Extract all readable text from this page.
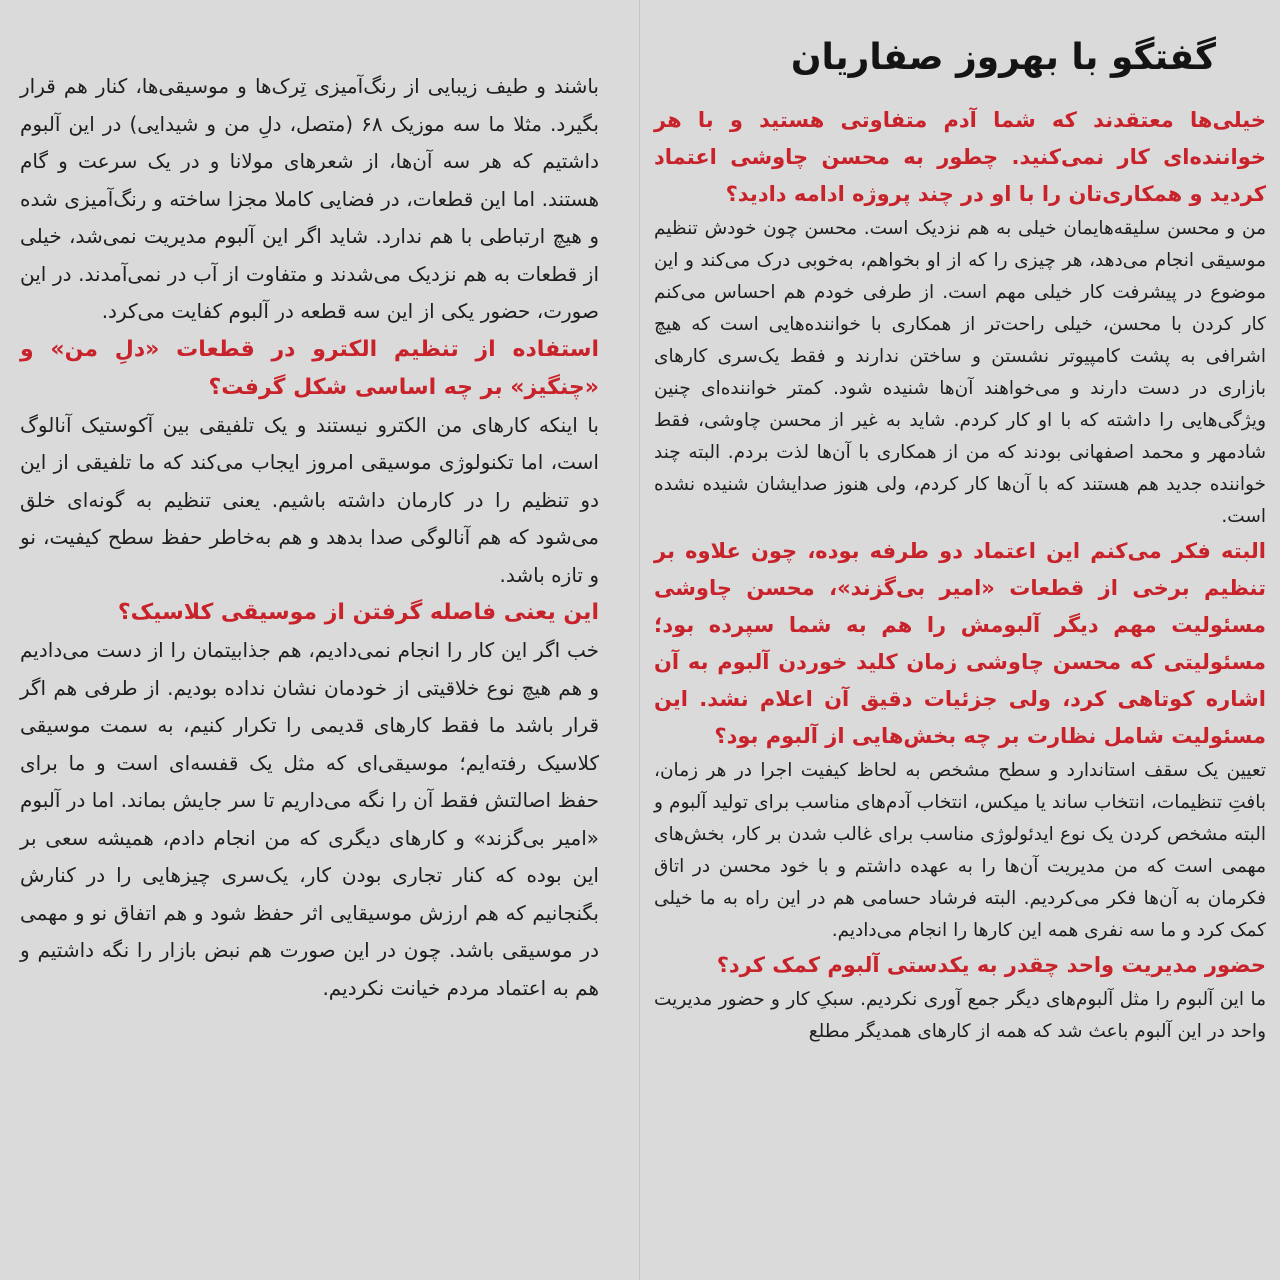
گفتگو با بهروز صفاریان

خیلی‌ها معتقدند که شما آدم متفاوتی هستید و با هر خواننده‌ای کار نمی‌کنید. چطور به محسن چاوشی اعتماد کردید و همکاری‌تان را با او در چند پروژه ادامه دادید؟

من و محسن سلیقه‌هایمان خیلی به هم نزدیک است. محسن چون خودش تنظیم موسیقی انجام می‌دهد، هر چیزی را که از او بخواهم، به‌خوبی درک می‌کند و این موضوع در پیشرفت کار خیلی مهم است. از طرفی خودم هم احساس می‌کنم کار کردن با محسن، خیلی راحت‌تر از همکاری با خواننده‌هایی است که هیچ اشرافی به پشت کامپیوتر نشستن و ساختن ندارند و فقط یک‌سری کارهای بازاری در دست دارند و می‌خواهند آن‌ها شنیده شود. کمتر خواننده‌ای چنین ویژگی‌هایی را داشته که با او کار کردم. شاید به غیر از محسن چاوشی، فقط شادمهر و محمد اصفهانی بودند که من از همکاری با آن‌ها لذت بردم. البته چند خواننده جدید هم هستند که با آن‌ها کار کردم، ولی هنوز صدایشان شنیده نشده است.

البته فکر می‌کنم این اعتماد دو طرفه بوده، چون علاوه بر تنظیم برخی از قطعات «امیر بی‌گزند»، محسن چاوشی مسئولیت مهم دیگر آلبومش را هم به شما سپرده بود؛ مسئولیتی که محسن چاوشی زمان کلید خوردن آلبوم به آن اشاره کوتاهی کرد، ولی جزئیات دقیق آن اعلام نشد. این مسئولیت شامل نظارت بر چه بخش‌هایی از آلبوم بود؟

تعیین یک سقف استاندارد و سطح مشخص به لحاظ کیفیت اجرا در هر زمان، بافتِ تنظیمات، انتخاب ساند یا میکس، انتخاب آدم‌های مناسب برای تولید آلبوم و البته مشخص کردن یک نوع ایدئولوژی مناسب برای غالب شدن بر کار، بخش‌های مهمی است که من مدیریت آن‌ها را به عهده داشتم و با خود محسن در اتاق فکرمان به آن‌ها فکر می‌کردیم. البته فرشاد حسامی هم در این راه به ما خیلی کمک کرد و ما سه نفری همه این کارها را انجام می‌دادیم.

حضور مدیریت واحد چقدر به یکدستی آلبوم کمک کرد؟

ما این آلبوم را مثل آلبوم‌های دیگر جمع آوری نکردیم. سبکِ کار و حضور مدیریت واحد در این آلبوم باعث شد که همه از کارهای همدیگر مطلع

باشند و طیف زیبایی از رنگ‌آمیزی تِرک‌ها و موسیقی‌ها، کنار هم قرار بگیرد. مثلا ما سه موزیک ۶۸ (متصل، دلِ من و شیدایی) در این آلبوم داشتیم که هر سه آن‌ها، از شعرهای مولانا و در یک سرعت و گام هستند. اما این قطعات، در فضایی کاملا مجزا ساخته و رنگ‌آمیزی شده و هیچ ارتباطی با هم ندارد. شاید اگر این آلبوم مدیریت نمی‌شد، خیلی از قطعات به هم نزدیک می‌شدند و متفاوت از آب در نمی‌آمدند. در این صورت، حضور یکی از این سه قطعه در آلبوم کفایت می‌کرد.

استفاده از تنظیم الکترو در قطعات «دلِ من» و «چنگیز» بر چه اساسی شکل گرفت؟

با اینکه کارهای من الکترو نیستند و یک تلفیقی بین آکوستیک آنالوگ است، اما تکنولوژی موسیقی امروز ایجاب می‌کند که ما تلفیقی از این دو تنظیم را در کارمان داشته باشیم. یعنی تنظیم به گونه‌ای خلق می‌شود که هم آنالوگی صدا بدهد و هم به‌خاطر حفظ سطح کیفیت، نو و تازه باشد.

این یعنی فاصله گرفتن از موسیقی کلاسیک؟

خب اگر این کار را انجام نمی‌دادیم، هم جذابیتمان را از دست می‌دادیم و هم هیچ نوع خلاقیتی از خودمان نشان نداده بودیم. از طرفی هم اگر قرار باشد ما فقط کارهای قدیمی را تکرار کنیم، به سمت موسیقی کلاسیک رفته‌ایم؛ موسیقی‌ای که مثل یک قفسه‌ای است و ما برای حفظ اصالتش فقط آن را نگه می‌داریم تا سر جایش بماند. اما در آلبوم «امیر بی‌گزند» و کارهای دیگری که من انجام دادم، همیشه سعی بر این بوده که کنار تجاری بودن کار، یک‌سری چیزهایی را در کنارش بگنجانیم که هم ارزش موسیقایی اثر حفظ شود و هم اتفاق نو و مهمی در موسیقی باشد. چون در این صورت هم نبض بازار را نگه داشتیم و هم به اعتماد مردم خیانت نکردیم.
